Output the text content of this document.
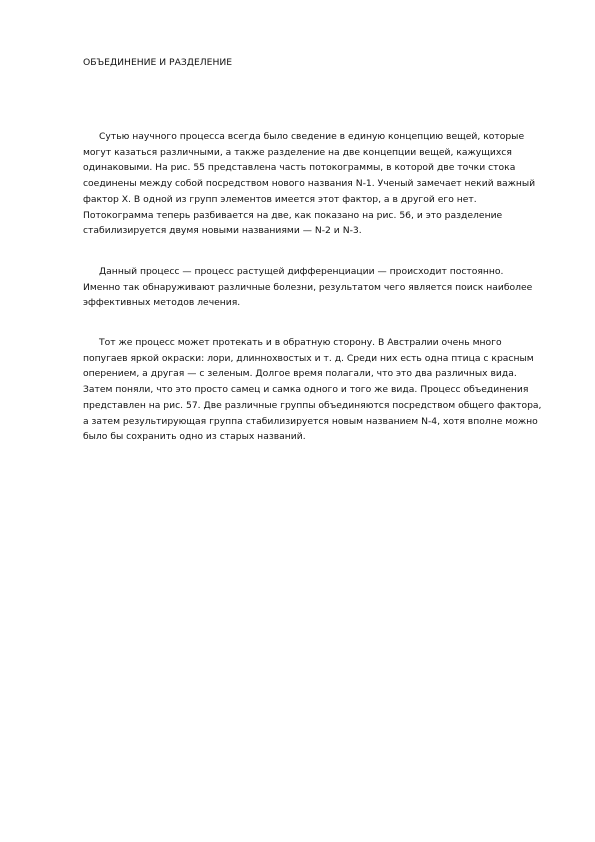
ОБЪЕДИНЕНИЕ И РАЗДЕЛЕНИЕ

Сутью научного процесса всегда было сведение в единую концепцию вещей, которые могут казаться различными, а также разделение на две концепции вещей, кажущихся одинаковыми. На рис. 55 представлена часть потокограммы, в которой две точки стока соединены между собой посредством нового названия N-1. Ученый замечает некий важный фактор X. В одной из групп элементов имеется этот фактор, а в другой его нет. Потокограмма теперь разбивается на две, как показано на рис. 56, и это разделение стабилизируется двумя новыми названиями — N-2 и N-3.

Данный процесс — процесс растущей дифференциации — происходит постоянно. Именно так обнаруживают различные болезни, результатом чего является поиск наиболее эффективных методов лечения.

Тот же процесс может протекать и в обратную сторону. В Австралии очень много попугаев яркой окраски: лори, длиннохвостых и т. д. Среди них есть одна птица с красным оперением, а другая — с зеленым. Долгое время полагали, что это два различных вида. Затем поняли, что это просто самец и самка одного и того же вида. Процесс объединения представлен на рис. 57. Две различные группы объединяются посредством общего фактора, а затем результирующая группа стабилизируется новым названием N-4, хотя вполне можно было бы сохранить одно из старых названий.
